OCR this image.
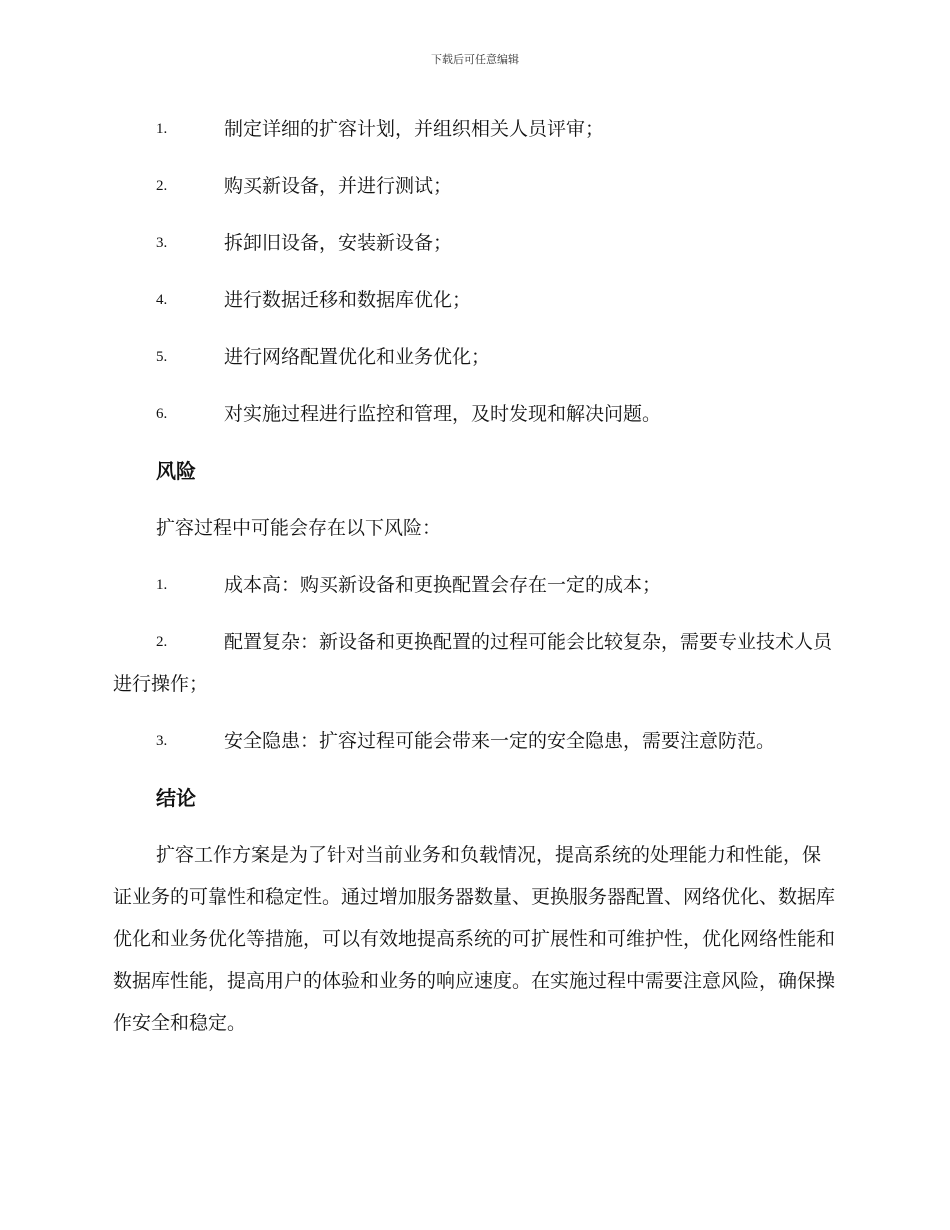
下载后可任意编辑
1.	制定详细的扩容计划，并组织相关人员评审；
2.	购买新设备，并进行测试；
3.	拆卸旧设备，安装新设备；
4.	进行数据迁移和数据库优化；
5.	进行网络配置优化和业务优化；
6.	对实施过程进行监控和管理，及时发现和解决问题。
风险
扩容过程中可能会存在以下风险：
1.	成本高：购买新设备和更换配置会存在一定的成本；
2.	配置复杂：新设备和更换配置的过程可能会比较复杂，需要专业技术人员进行操作；
3.	安全隐患：扩容过程可能会带来一定的安全隐患，需要注意防范。
结论
扩容工作方案是为了针对当前业务和负载情况，提高系统的处理能力和性能，保证业务的可靠性和稳定性。通过增加服务器数量、更换服务器配置、网络优化、数据库优化和业务优化等措施，可以有效地提高系统的可扩展性和可维护性，优化网络性能和数据库性能，提高用户的体验和业务的响应速度。在实施过程中需要注意风险，确保操作安全和稳定。
